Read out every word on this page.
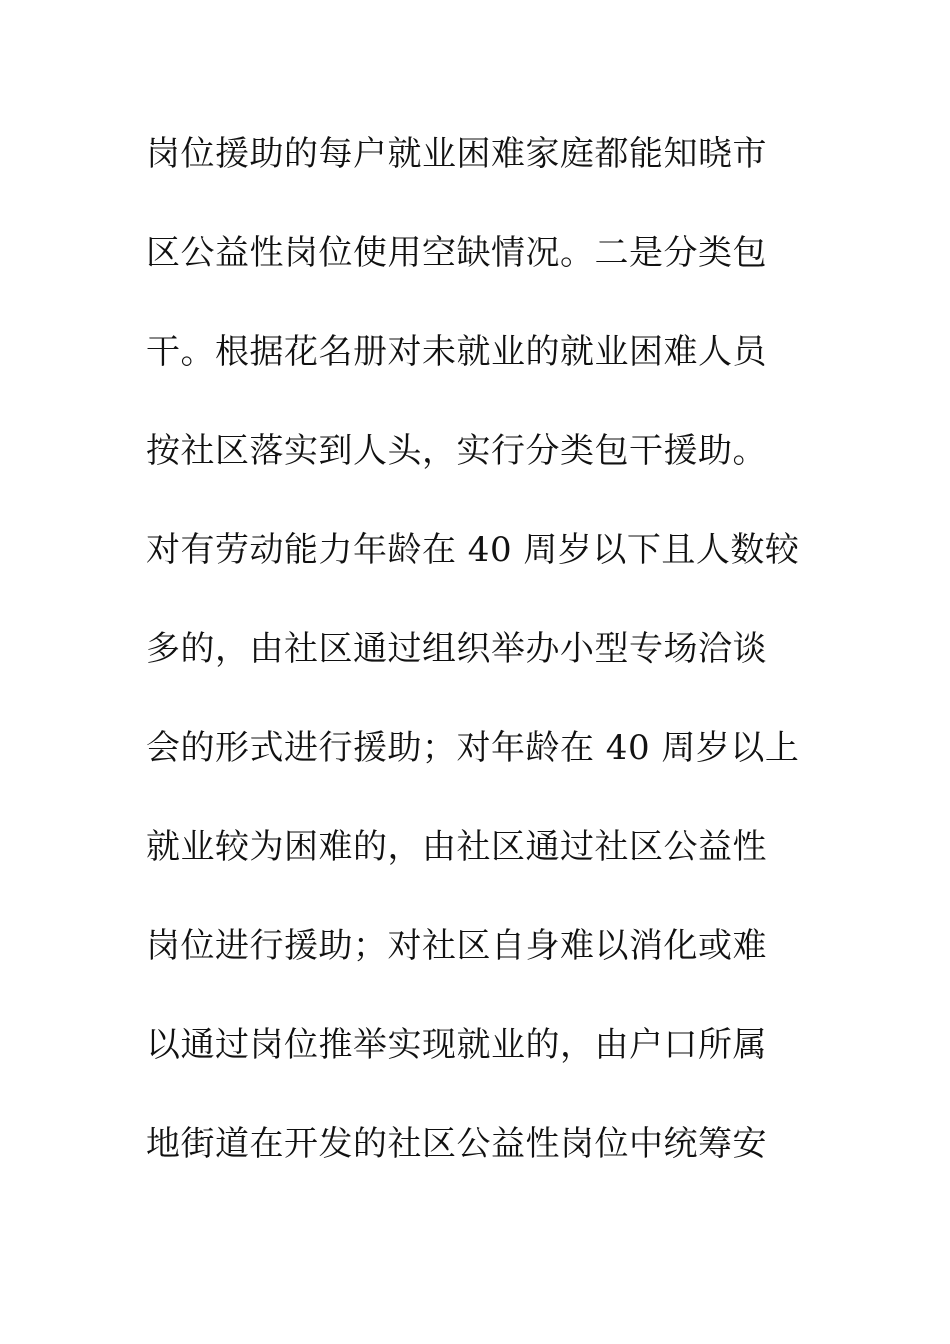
岗位援助的每户就业困难家庭都能知晓市
区公益性岗位使用空缺情况。二是分类包
干。根据花名册对未就业的就业困难人员
按社区落实到人头，实行分类包干援助。
对有劳动能力年龄在 40 周岁以下且人数较
多的，由社区通过组织举办小型专场洽谈
会的形式进行援助；对年龄在 40 周岁以上
就业较为困难的，由社区通过社区公益性
岗位进行援助；对社区自身难以消化或难
以通过岗位推举实现就业的，由户口所属
地街道在开发的社区公益性岗位中统筹安
